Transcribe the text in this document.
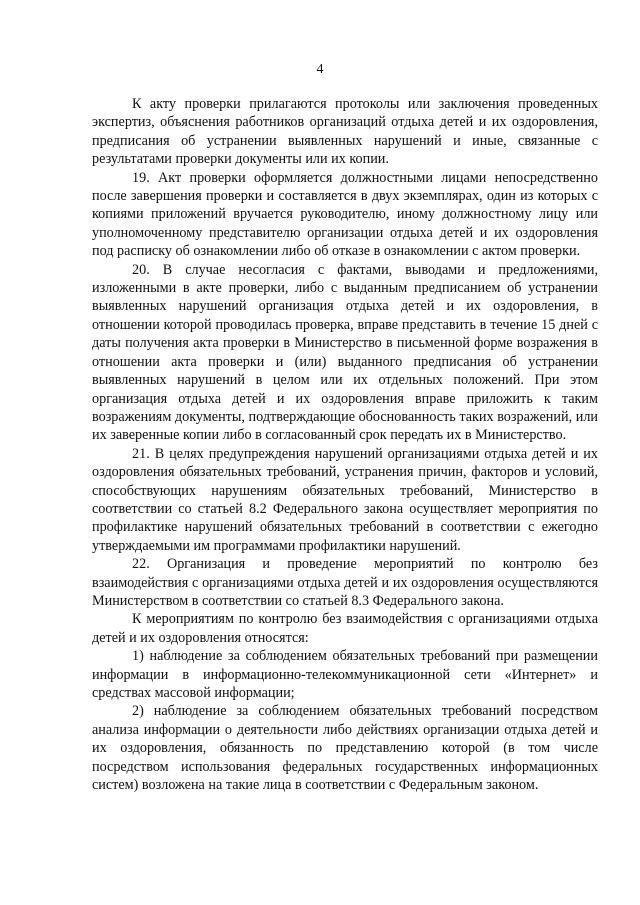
4

К акту проверки прилагаются протоколы или заключения проведенных экспертиз, объяснения работников организаций отдыха детей и их оздоровления, предписания об устранении выявленных нарушений и иные, связанные с результатами проверки документы или их копии.

19. Акт проверки оформляется должностными лицами непосредственно после завершения проверки и составляется в двух экземплярах, один из которых с копиями приложений вручается руководителю, иному должностному лицу или уполномоченному представителю организации отдыха детей и их оздоровления под расписку об ознакомлении либо об отказе в ознакомлении с актом проверки.

20. В случае несогласия с фактами, выводами и предложениями, изложенными в акте проверки, либо с выданным предписанием об устранении выявленных нарушений организация отдыха детей и их оздоровления, в отношении которой проводилась проверка, вправе представить в течение 15 дней с даты получения акта проверки в Министерство в письменной форме возражения в отношении акта проверки и (или) выданного предписания об устранении выявленных нарушений в целом или их отдельных положений. При этом организация отдыха детей и их оздоровления вправе приложить к таким возражениям документы, подтверждающие обоснованность таких возражений, или их заверенные копии либо в согласованный срок передать их в Министерство.

21. В целях предупреждения нарушений организациями отдыха детей и их оздоровления обязательных требований, устранения причин, факторов и условий, способствующих нарушениям обязательных требований, Министерство в соответствии со статьей 8.2 Федерального закона осуществляет мероприятия по профилактике нарушений обязательных требований в соответствии с ежегодно утверждаемыми им программами профилактики нарушений.

22. Организация и проведение мероприятий по контролю без взаимодействия с организациями отдыха детей и их оздоровления осуществляются Министерством в соответствии со статьей 8.3 Федерального закона.

К мероприятиям по контролю без взаимодействия с организациями отдыха детей и их оздоровления относятся:

1) наблюдение за соблюдением обязательных требований при размещении информации в информационно-телекоммуникационной сети «Интернет» и средствах массовой информации;

2) наблюдение за соблюдением обязательных требований посредством анализа информации о деятельности либо действиях организации отдыха детей и их оздоровления, обязанность по представлению которой (в том числе посредством использования федеральных государственных информационных систем) возложена на такие лица в соответствии с Федеральным законом.
